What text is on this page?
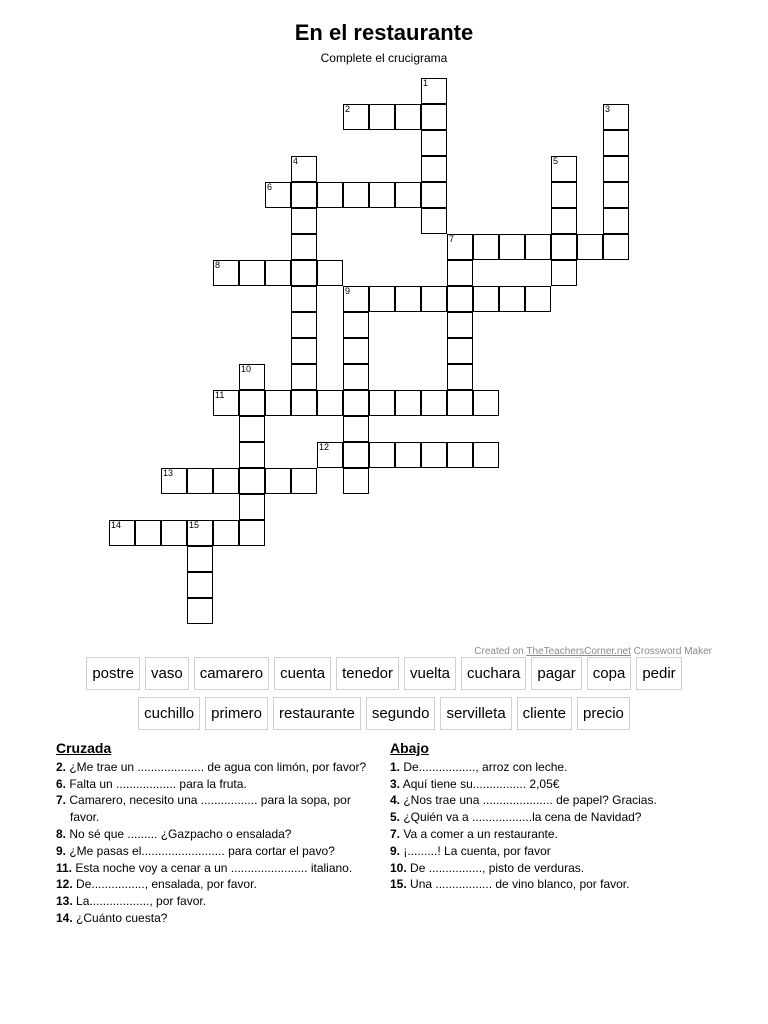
En el restaurante
Complete el crucigrama
1
2	3
4	5
6
7
8
9
10
11
12
13
14	15
Created on TheTeachersCorner.net Crossword Maker
postre	vaso	camarero	cuenta	tenedor	vuelta	cuchara	pagar	copa	pedir
cuchillo	primero	restaurante	segundo	servilleta	cliente	precio
Cruzada
2. ¿Me trae un .................... de agua con limón, por favor?
6. Falta un .................. para la fruta.
7. Camarero, necesito una ................. para la sopa, por favor.
8. No sé que ......... ¿Gazpacho o ensalada?
9. ¿Me pasas el......................... para cortar el pavo?
11. Esta noche voy a cenar a un ....................... italiano.
12. De................, ensalada, por favor.
13. La.................., por favor.
14. ¿Cuánto cuesta?
Abajo
1. De................., arroz con leche.
3. Aquí tiene su................ 2,05€
4. ¿Nos trae una ..................... de papel? Gracias.
5. ¿Quién va a ..................la cena de Navidad?
7. Va a comer a un restaurante.
9. ¡.........! La cuenta, por favor
10. De ................, pisto de verduras.
15. Una ................. de vino blanco, por favor.
